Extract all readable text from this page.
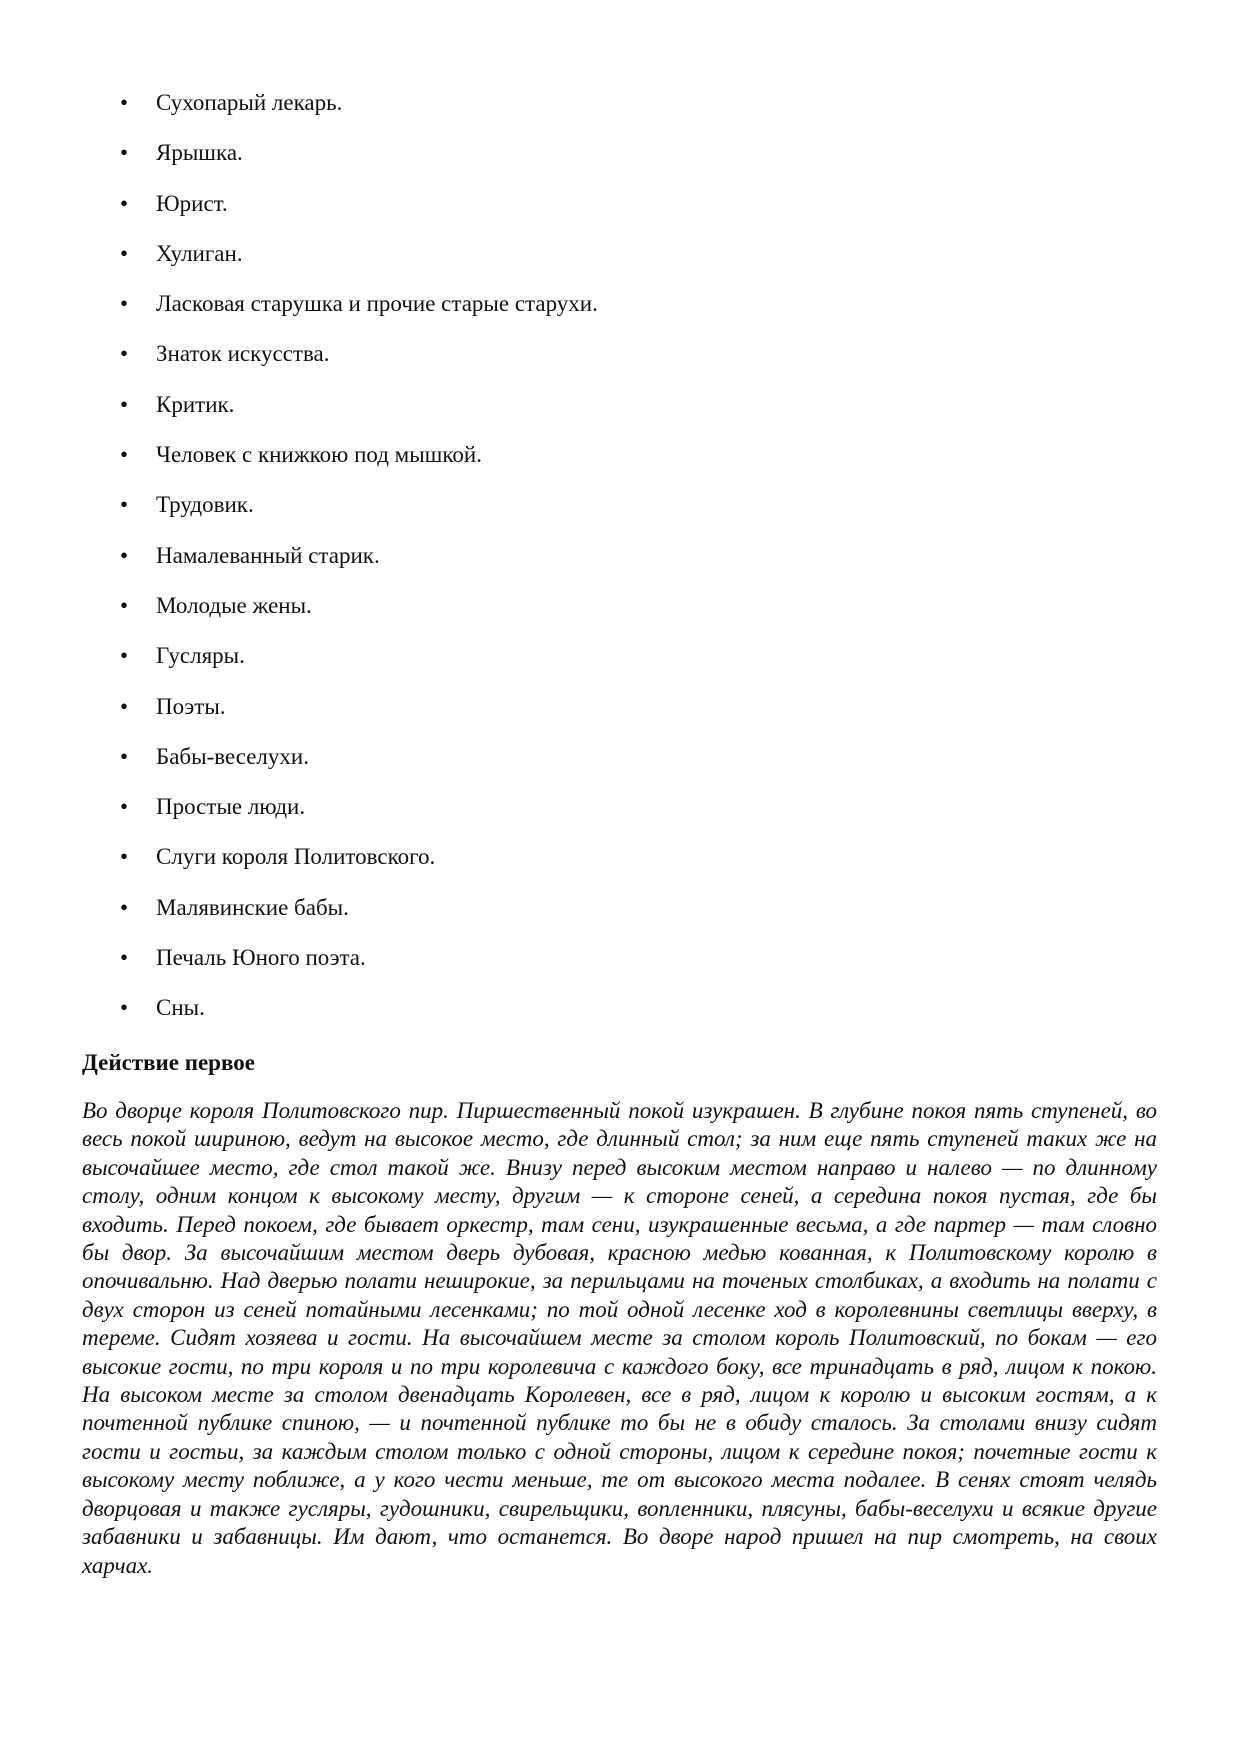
• Сухопарый лекарь.
• Ярышка.
• Юрист.
• Хулиган.
• Ласковая старушка и прочие старые старухи.
• Знаток искусства.
• Критик.
• Человек с книжкою под мышкой.
• Трудовик.
• Намалеванный старик.
• Молодые жены.
• Гусляры.
• Поэты.
• Бабы-веселухи.
• Простые люди.
• Слуги короля Политовского.
• Малявинские бабы.
• Печаль Юного поэта.
• Сны.
Действие первое

Во дворце короля Политовского пир. Пиршественный покой изукрашен. В глубине покоя пять ступеней, во весь покой шириною, ведут на высокое место, где длинный стол; за ним еще пять ступеней таких же на высочайшее место, где стол такой же. Внизу перед высоким местом направо и налево — по длинному столу, одним концом к высокому месту, другим — к стороне сеней, а середина покоя пустая, где бы входить. Перед покоем, где бывает оркестр, там сени, изукрашенные весьма, а где партер — там словно бы двор. За высочайшим местом дверь дубовая, красною медью кованная, к Политовскому королю в опочивальню. Над дверью полати неширокие, за перильцами на точеных столбиках, а входить на полати с двух сторон из сеней потайными лесенками; по той одной лесенке ход в королевнины светлицы вверху, в тереме. Сидят хозяева и гости. На высочайшем месте за столом король Политовский, по бокам — его высокие гости, по три короля и по три королевича с каждого боку, все тринадцать в ряд, лицом к покою. На высоком месте за столом двенадцать Королевен, все в ряд, лицом к королю и высоким гостям, а к почтенной публике спиною, — и почтенной публике то бы не в обиду сталось. За столами внизу сидят гости и гостьи, за каждым столом только с одной стороны, лицом к середине покоя; почетные гости к высокому месту поближе, а у кого чести меньше, те от высокого места подалее. В сенях стоят челядь дворцовая и также гусляры, гудошники, свирельщики, вопленники, плясуны, бабы-веселухи и всякие другие забавники и забавницы. Им дают, что останется. Во дворе народ пришел на пир смотреть, на своих харчах.
